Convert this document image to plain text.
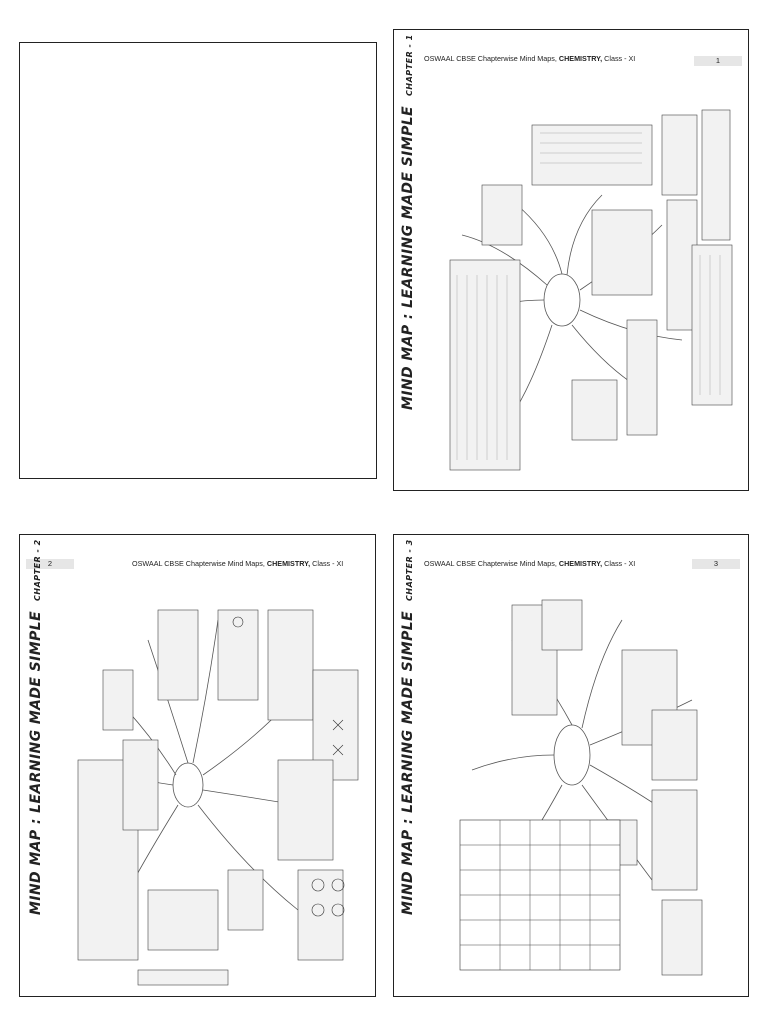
OSWAAL CBSE Chapterwise Mind Maps, CHEMISTRY, Class - XI	1
MIND MAP : LEARNING MADE SIMPLECHAPTER - 1
2	OSWAAL CBSE Chapterwise Mind Maps, CHEMISTRY, Class - XI
MIND MAP : LEARNING MADE SIMPLECHAPTER - 2	OSWAAL CBSE Chapterwise Mind Maps, CHEMISTRY, Class - XI	3
MIND MAP : LEARNING MADE SIMPLECHAPTER - 3
